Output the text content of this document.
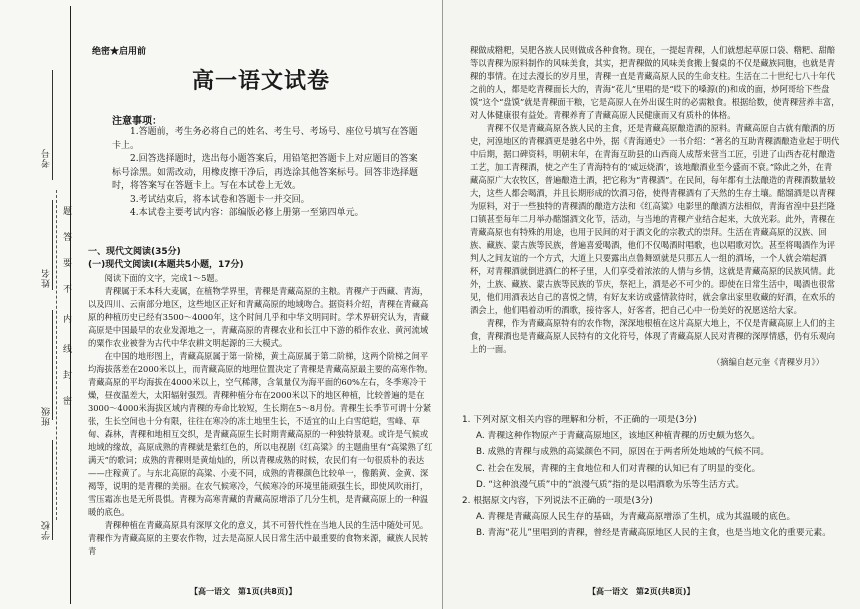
考号
姓名
班级
学校
题
答
要
不
内
线
封
密
绝密★启用前
高一语文试卷
注意事项：

1.答题前，考生务必将自己的姓名、考生号、考场号、座位号填写在答题卡上。

2.回答选择题时，选出每小题答案后，用铅笔把答题卡上对应题目的答案标号涂黑。如需改动，用橡皮擦干净后，再选涂其他答案标号。回答非选择题时，将答案写在答题卡上。写在本试卷上无效。

3.考试结束后，将本试卷和答题卡一并交回。

4.本试卷主要考试内容：部编版必修上册第一至第四单元。

一、现代文阅读(35分)

(一)现代文阅读Ⅰ(本题共5小题，17分)

阅读下面的文字，完成1～5题。

青稞属于禾本科大麦属，在植物学界里，青稞是青藏高原的主粮。青稞产于西藏、青海，以及四川、云南部分地区，这些地区正好和青藏高原的地域吻合。据资料介绍，青稞在青藏高原的种植历史已经有3500～4000年，这个时间几乎和中华文明同时。学术界研究认为，青藏高原是中国最早的农业发源地之一，青藏高原的青稞农业和长江中下游的稻作农业、黄河流域的粟作农业被誉为古代中华农耕文明起源的三大模式。

在中国的地形图上，青藏高原属于第一阶梯，黄土高原属于第二阶梯，这两个阶梯之间平均海拔落差在2000米以上，而青藏高原的地理位置决定了青稞是青藏高原最主要的高寒作物。青藏高原的平均海拔在4000米以上，空气稀薄，含氧量仅为海平面的60%左右，冬季寒冷干燥，昼夜温差大，太阳辐射强烈。青稞种植分布在2000米以下的地区种植，比较普遍的是在3000～4000米海拔区域内青稞的寿命比较短，生长期在5～8月份。青稞生长季节可谓十分紧张，生长空间也十分有限，往往在寒冷的冻土地里生长，不适宜的山上白雪皑皑，雪峰、草甸、森林，青稞和地相互交织，是青藏高原生长时期青藏高原的一种独特景观。或许是气候或地域的缘故，高原成熟的青稞就是紫红色的，所以电视剧《红高粱》的主题曲里有“高粱熟了红满天”的歌词；成熟的青稞则是黄灿灿的，所以青稞成熟的时候，农民们有一句很质朴的表达——庄稼黄了。与东北高原的高粱、小麦不同，成熟的青稞颜色比较单一，像鹅黄、金黄、深褐等，说明的是青稞的美丽。在农气候寒冷，气候寒冷的环境里能顽强生长，即使风吹雨打，雪压霜冻也是无所畏惧。青稞为高寒青藏的青藏高原增添了几分生机，是青藏高原上的一种温暖的底色。

青稞种植在青藏高原具有深厚文化的意义，其不可替代性在当地人民的生活中随处可见。青稞作为青藏高原的主要农作物，过去是高原人民日常生活中最重要的食物来源，藏族人民转青

【高一语文　第1页(共8页)】

稞做成糌粑，吴肥各族人民则做成各种食物。现在，一提起青稞，人们就想起草原口袋、糌粑、甜醅等以青稞为原料制作的风味美食，其实，把青稞做的风味美食搬上餐桌的不仅是藏族同胞，也就是青稞的事情。在过去漫长的岁月里，青稞一直是青藏高原人民的生命支柱。生活在二十世纪七八十年代之前的人，都是吃青稞面长大的，青海“花儿”里唱的是“哎下的嗓源(的)和成的面，炒阿哥给下些盘馍”这个“盘馍”就是青稞面干粮，它是高原人在外出谋生时的必需粮食。根据给数，使青稞营养丰富，对人体健康很有益处。青稞养育了青藏高原人民健康而又有质朴的体格。

青稞不仅是青藏高原各族人民的主食，还是青藏高原酿造酒的原料。青藏高原自古就有酿酒的历史，河湟地区的青稞酒更是驰名中外，据《青海通史》一书介绍：“著名的互助青稞酒酿造业起于明代中后期，据口碑资料，明朝末年，在青海互助县的山西商人成帮来营当工匠，引进了山西杏花村酿造工艺，加工青稞酒，使之产生了青海特有的‘威远烧酒’，该地酿酒业至今盛而不衰。”除此之外，在青藏高原广大农牧区，普遍酿造土酒，把它称为“青稞酒”。在民间，每年都有土法酿造的青稞酒数量较大，这些人都会喝酒，并且长期形成的饮酒习俗，使得青稞酒有了天然的生存土壤。酩馏酒是以青稞为原料，对于一些独特的青稞酒的酿造方法和《红高粱》电影里的酿酒方法相似，青海省湟中县拦隆口镇甚至每年二月举办酩馏酒文化节，活动，与当地的青稞产业结合起来，大放光彩。此外，青稞在青藏高原也有特殊的用途，也用于民间的对于酒文化的宗教式的崇拜。生活在青藏高原的汉族、回族、藏族、蒙古族等民族，普遍喜爱喝酒，他们不仅喝酒时唱歌，也以唱歌对饮。甚至将喝酒作为评判人之间友谊的一个方式，大道上只要露出点鲁舞颂就是只那五人一组的酒场，一个人就会端起酒杯，对青稞酒就倒进酒仁的杯子里，人们享受着浓浓的人情与乡情，这就是青藏高原的民族风情。此外，土族、藏族、蒙古族等民族的节庆，祭祀上，酒是必不可少的。即使在日常生活中，喝酒也很常见，他们用酒表达自己的喜悦之情，有好友来访或盛情款待时，就会拿出家里收藏的好酒，在欢乐的酒会上，他们唱着动听的酒歌，接待客人，好客者，把自己心中一份美好的祝愿送给大家。

青稞，作为青藏高原特有的农作物，深深地根植在这片高原大地上，不仅是青藏高原上人们的主食，青稞酒也是青藏高原人民特有的文化符号，体现了青藏高原人民对青稞的深厚情感，仍有乐观向上的一面。

（摘编自赵元奎《青稞岁月》）

1. 下列对原文相关内容的理解和分析，不正确的一项是(3分)

A. 青稞这种作物原产于青藏高原地区，该地区种植青稞的历史颇为悠久。

B. 成熟的青稞与成熟的高粱颜色不同，原因在于两者所处地域的气候不同。

C. 社会在发展，青稞的主食地位和人们对青稞的认知已有了明显的变化。

D. “这种浪漫气质”中的“浪漫气质”指的是以唱酒歌为乐等生活方式。

2. 根据原文内容，下列说法不正确的一项是(3分)

A. 青稞是青藏高原人民生存的基础，为青藏高原增添了生机，成为其温暖的底色。

B. 青海“花儿”里唱到的青稞，曾经是青藏高原地区人民的主食，也是当地文化的重要元素。

【高一语文　第2页(共8页)】
